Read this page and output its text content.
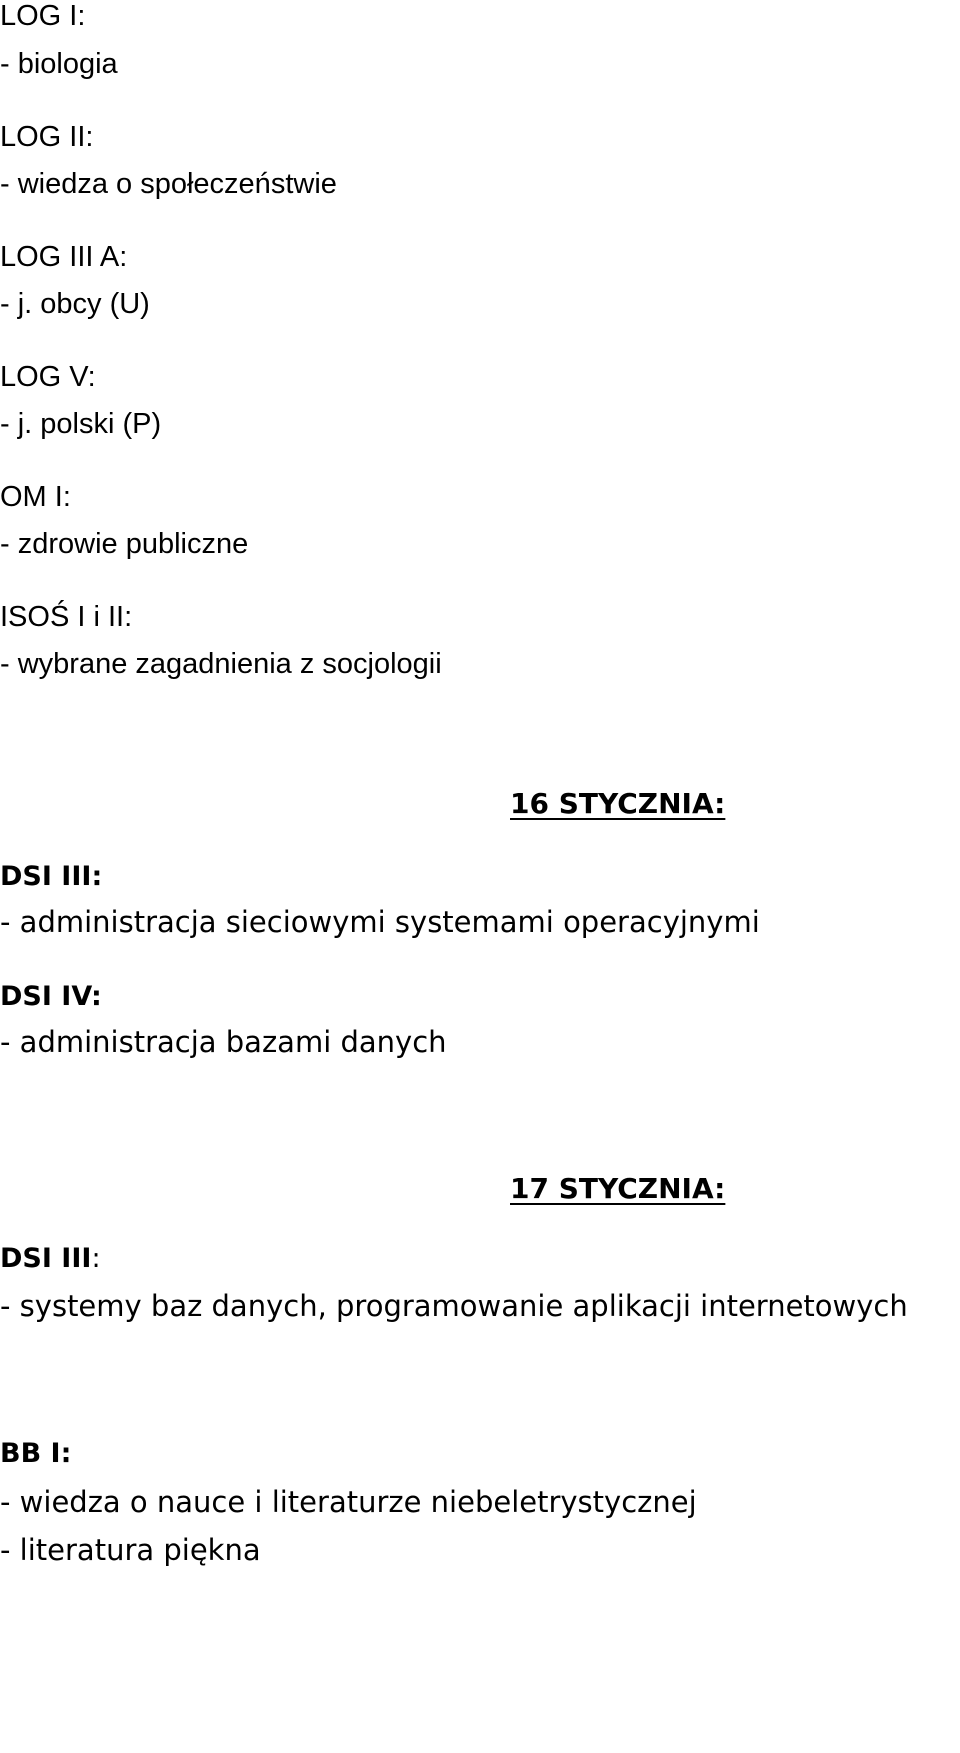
LOG I:
- biologia
LOG II:
- wiedza o społeczeństwie
LOG III A:
- j. obcy (U)
LOG V:
- j. polski (P)
OM I:
- zdrowie publiczne
ISOŚ I i II:
- wybrane zagadnienia z socjologii
16 STYCZNIA:
DSI III:
- administracja sieciowymi systemami operacyjnymi
DSI IV:
- administracja bazami danych
17 STYCZNIA:
DSI III:
- systemy baz danych, programowanie aplikacji internetowych
BB I:
- wiedza o nauce i literaturze niebeletrystycznej
- literatura piękna
